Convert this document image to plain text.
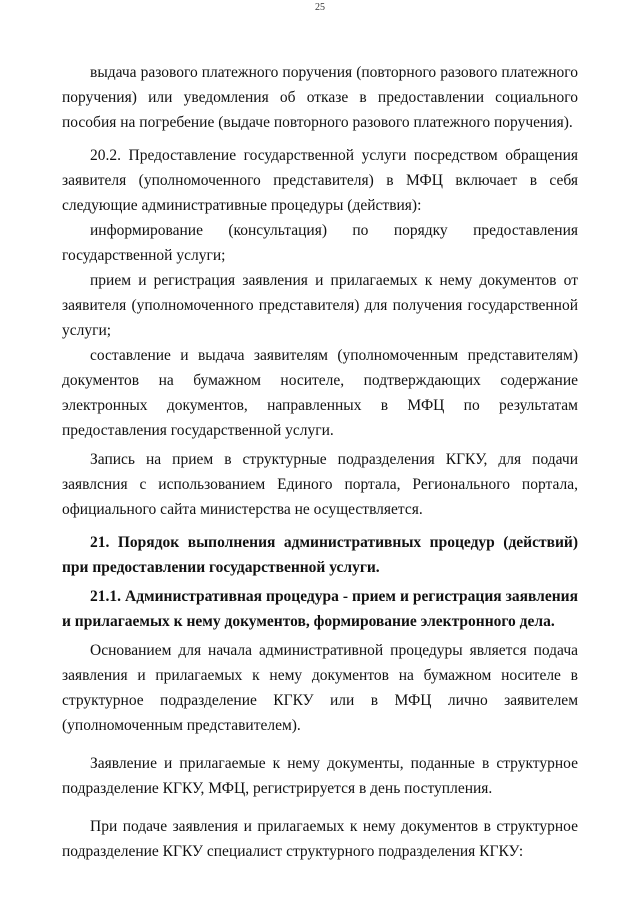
25

выдача разового платежного поручения (повторного разового платежного поручения) или уведомления об отказе в предоставлении социального пособия на погребение (выдаче повторного разового платежного поручения).

20.2. Предоставление государственной услуги посредством обращения заявителя (уполномоченного представителя) в МФЦ включает в себя следующие административные процедуры (действия):

информирование (консультация) по порядку предоставления государственной услуги;

прием и регистрация заявления и прилагаемых к нему документов от заявителя (уполномоченного представителя) для получения государственной услуги;

составление и выдача заявителям (уполномоченным представителям) документов на бумажном носителе, подтверждающих содержание электронных документов, направленных в МФЦ по результатам предоставления государственной услуги.

Запись на прием в структурные подразделения КГКУ, для подачи заявлсния с использованием Единого портала, Регионального портала, официального сайта министерства не осуществляется.

21. Порядок выполнения административных процедур (действий) при предоставлении государственной услуги.

21.1. Административная процедура - прием и регистрация заявления и прилагаемых к нему документов, формирование электронного дела.

Основанием для начала административной процедуры является подача заявления и прилагаемых к нему документов на бумажном носителе в структурное подразделение КГКУ или в МФЦ лично заявителем (уполномоченным представителем).

Заявление и прилагаемые к нему документы, поданные в структурное подразделение КГКУ, МФЦ, регистрируется в день поступления.

При подаче заявления и прилагаемых к нему документов в структурное подразделение КГКУ специалист структурного подразделения КГКУ:
